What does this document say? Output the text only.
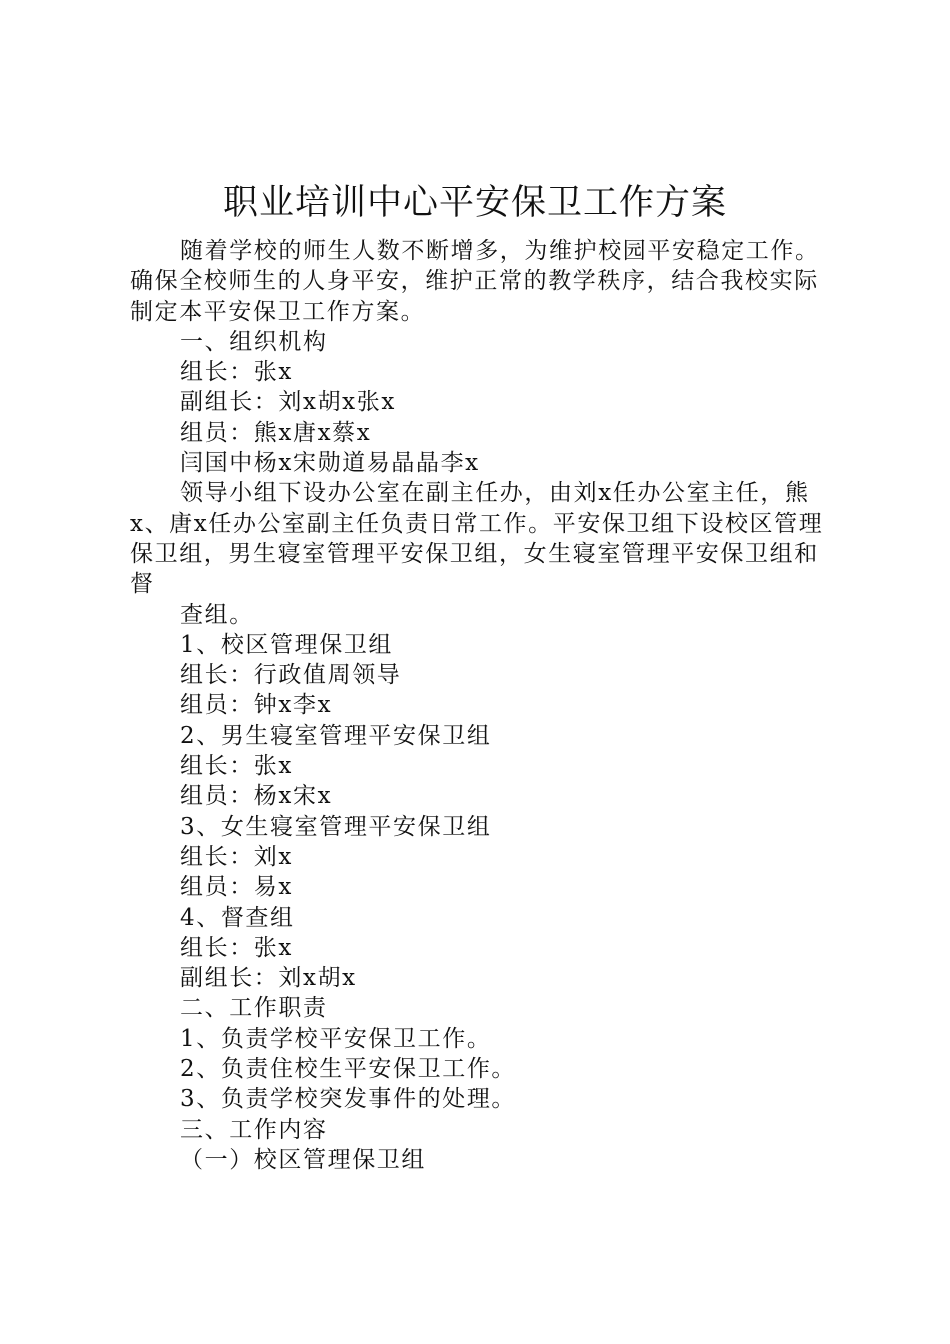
职业培训中心平安保卫工作方案

随着学校的师生人数不断增多，为维护校园平安稳定工作。确保全校师生的人身平安，维护正常的教学秩序，结合我校实际制定本平安保卫工作方案。

一、组织机构

组长：张x

副组长：刘x胡x张x

组员：熊x唐x蔡x

闫国中杨x宋勋道易晶晶李x

领导小组下设办公室在副主任办，由刘x任办公室主任，熊x、唐x任办公室副主任负责日常工作。平安保卫组下设校区管理保卫组，男生寝室管理平安保卫组，女生寝室管理平安保卫组和督

查组。

1、校区管理保卫组

组长：行政值周领导

组员：钟x李x

2、男生寝室管理平安保卫组

组长：张x

组员：杨x宋x

3、女生寝室管理平安保卫组

组长：刘x

组员：易x

4、督查组

组长：张x

副组长：刘x胡x

二、工作职责

1、负责学校平安保卫工作。

2、负责住校生平安保卫工作。

3、负责学校突发事件的处理。

三、工作内容

（一）校区管理保卫组
